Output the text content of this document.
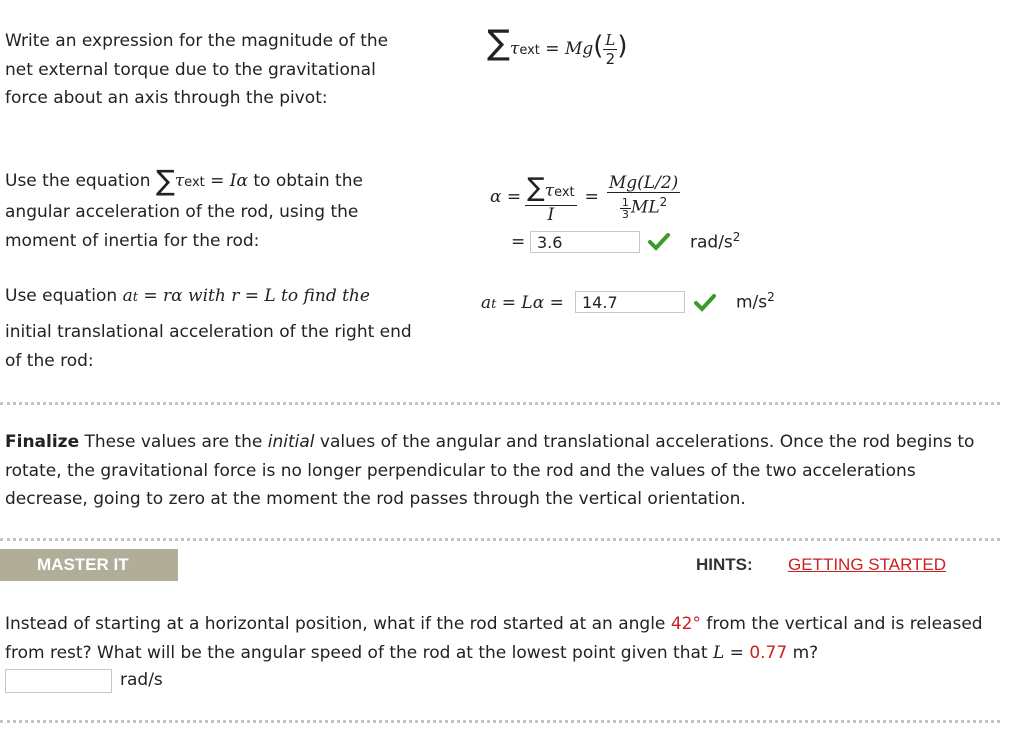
Write an expression for the magnitude of the net external torque due to the gravitational force about an axis through the pivot:
$\sum\tau ext = Mg( \frac{L}{2}$ )
Use the equation ∑τext = Iα to obtain the angular acceleration of the rod, using the moment of inertia for the rod:
$\alpha = \frac{\text{∑τext}}{I} = \frac{Mg(L/2)}{\frac{1}{3} ML^2}$
= 3.6	rad/$s^2$
Use equation at = rα with r = L to find the
initial translational acceleration of the right end of the rod:
at = Lα =	14.7	$m/s^2$
Finalize These values are the initial values of the angular and translational accelerations. Once the rod begins to rotate, the gravitational force is no longer perpendicular to the rod and the values of the two accelerations decrease, going to zero at the moment the rod passes through the vertical orientation.
MASTER IT	HINTS: GETTING STARTED
Instead of starting at a horizontal position, what if the rod started at an angle 42° from the vertical and is released from rest? What will be the angular speed of the rod at the lowest point given that L = 0.77 m?
rad/s
